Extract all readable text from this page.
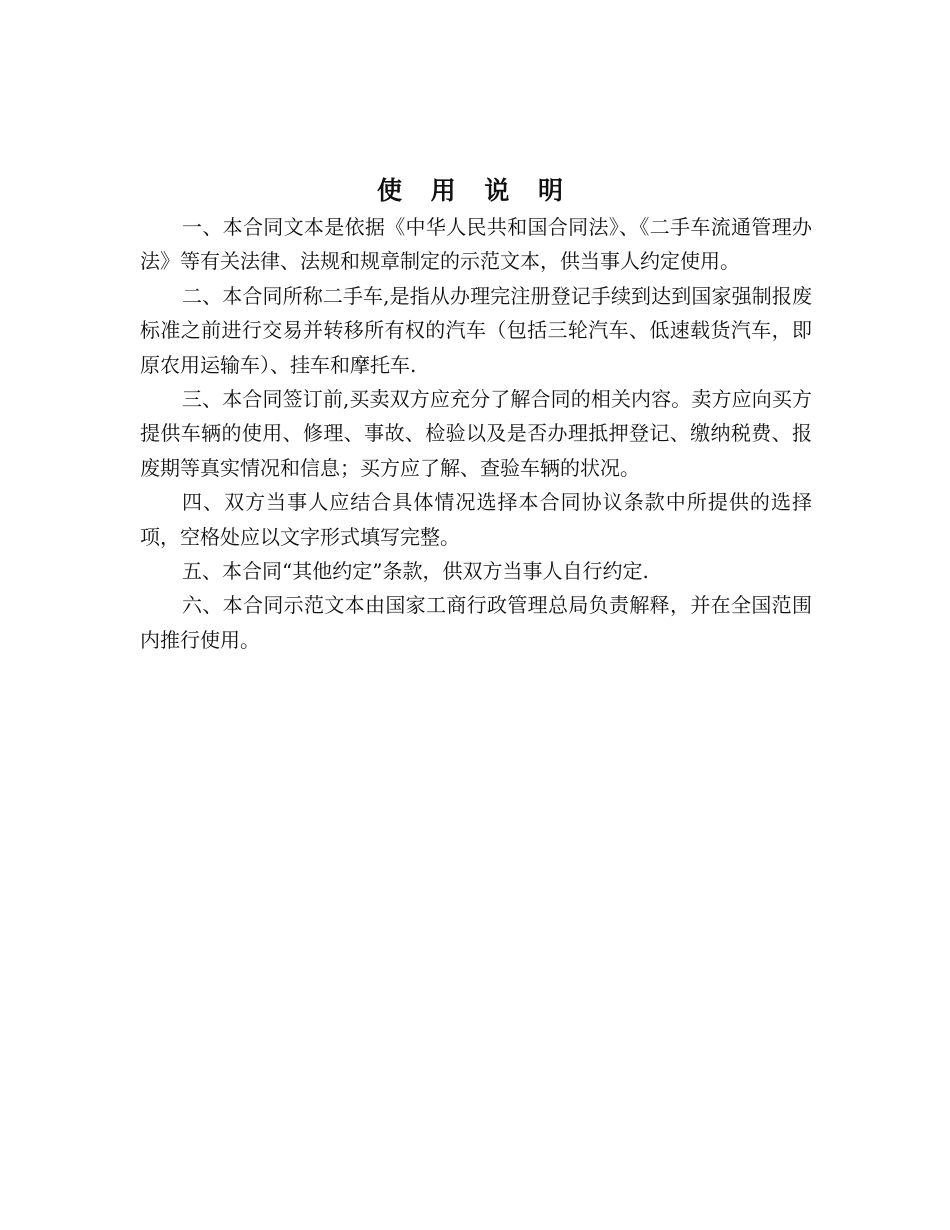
使 用 说 明

一、本合同文本是依据《中华人民共和国合同法》、《二手车流通管理办法》等有关法律、法规和规章制定的示范文本，供当事人约定使用。

二、本合同所称二手车,是指从办理完注册登记手续到达到国家强制报废标准之前进行交易并转移所有权的汽车（包括三轮汽车、低速载货汽车，即原农用运输车）、挂车和摩托车.

三、本合同签订前,买卖双方应充分了解合同的相关内容。卖方应向买方提供车辆的使用、修理、事故、检验以及是否办理抵押登记、缴纳税费、报废期等真实情况和信息；买方应了解、查验车辆的状况。

四、双方当事人应结合具体情况选择本合同协议条款中所提供的选择项，空格处应以文字形式填写完整。

五、本合同“其他约定”条款，供双方当事人自行约定.

六、本合同示范文本由国家工商行政管理总局负责解释，并在全国范围内推行使用。
